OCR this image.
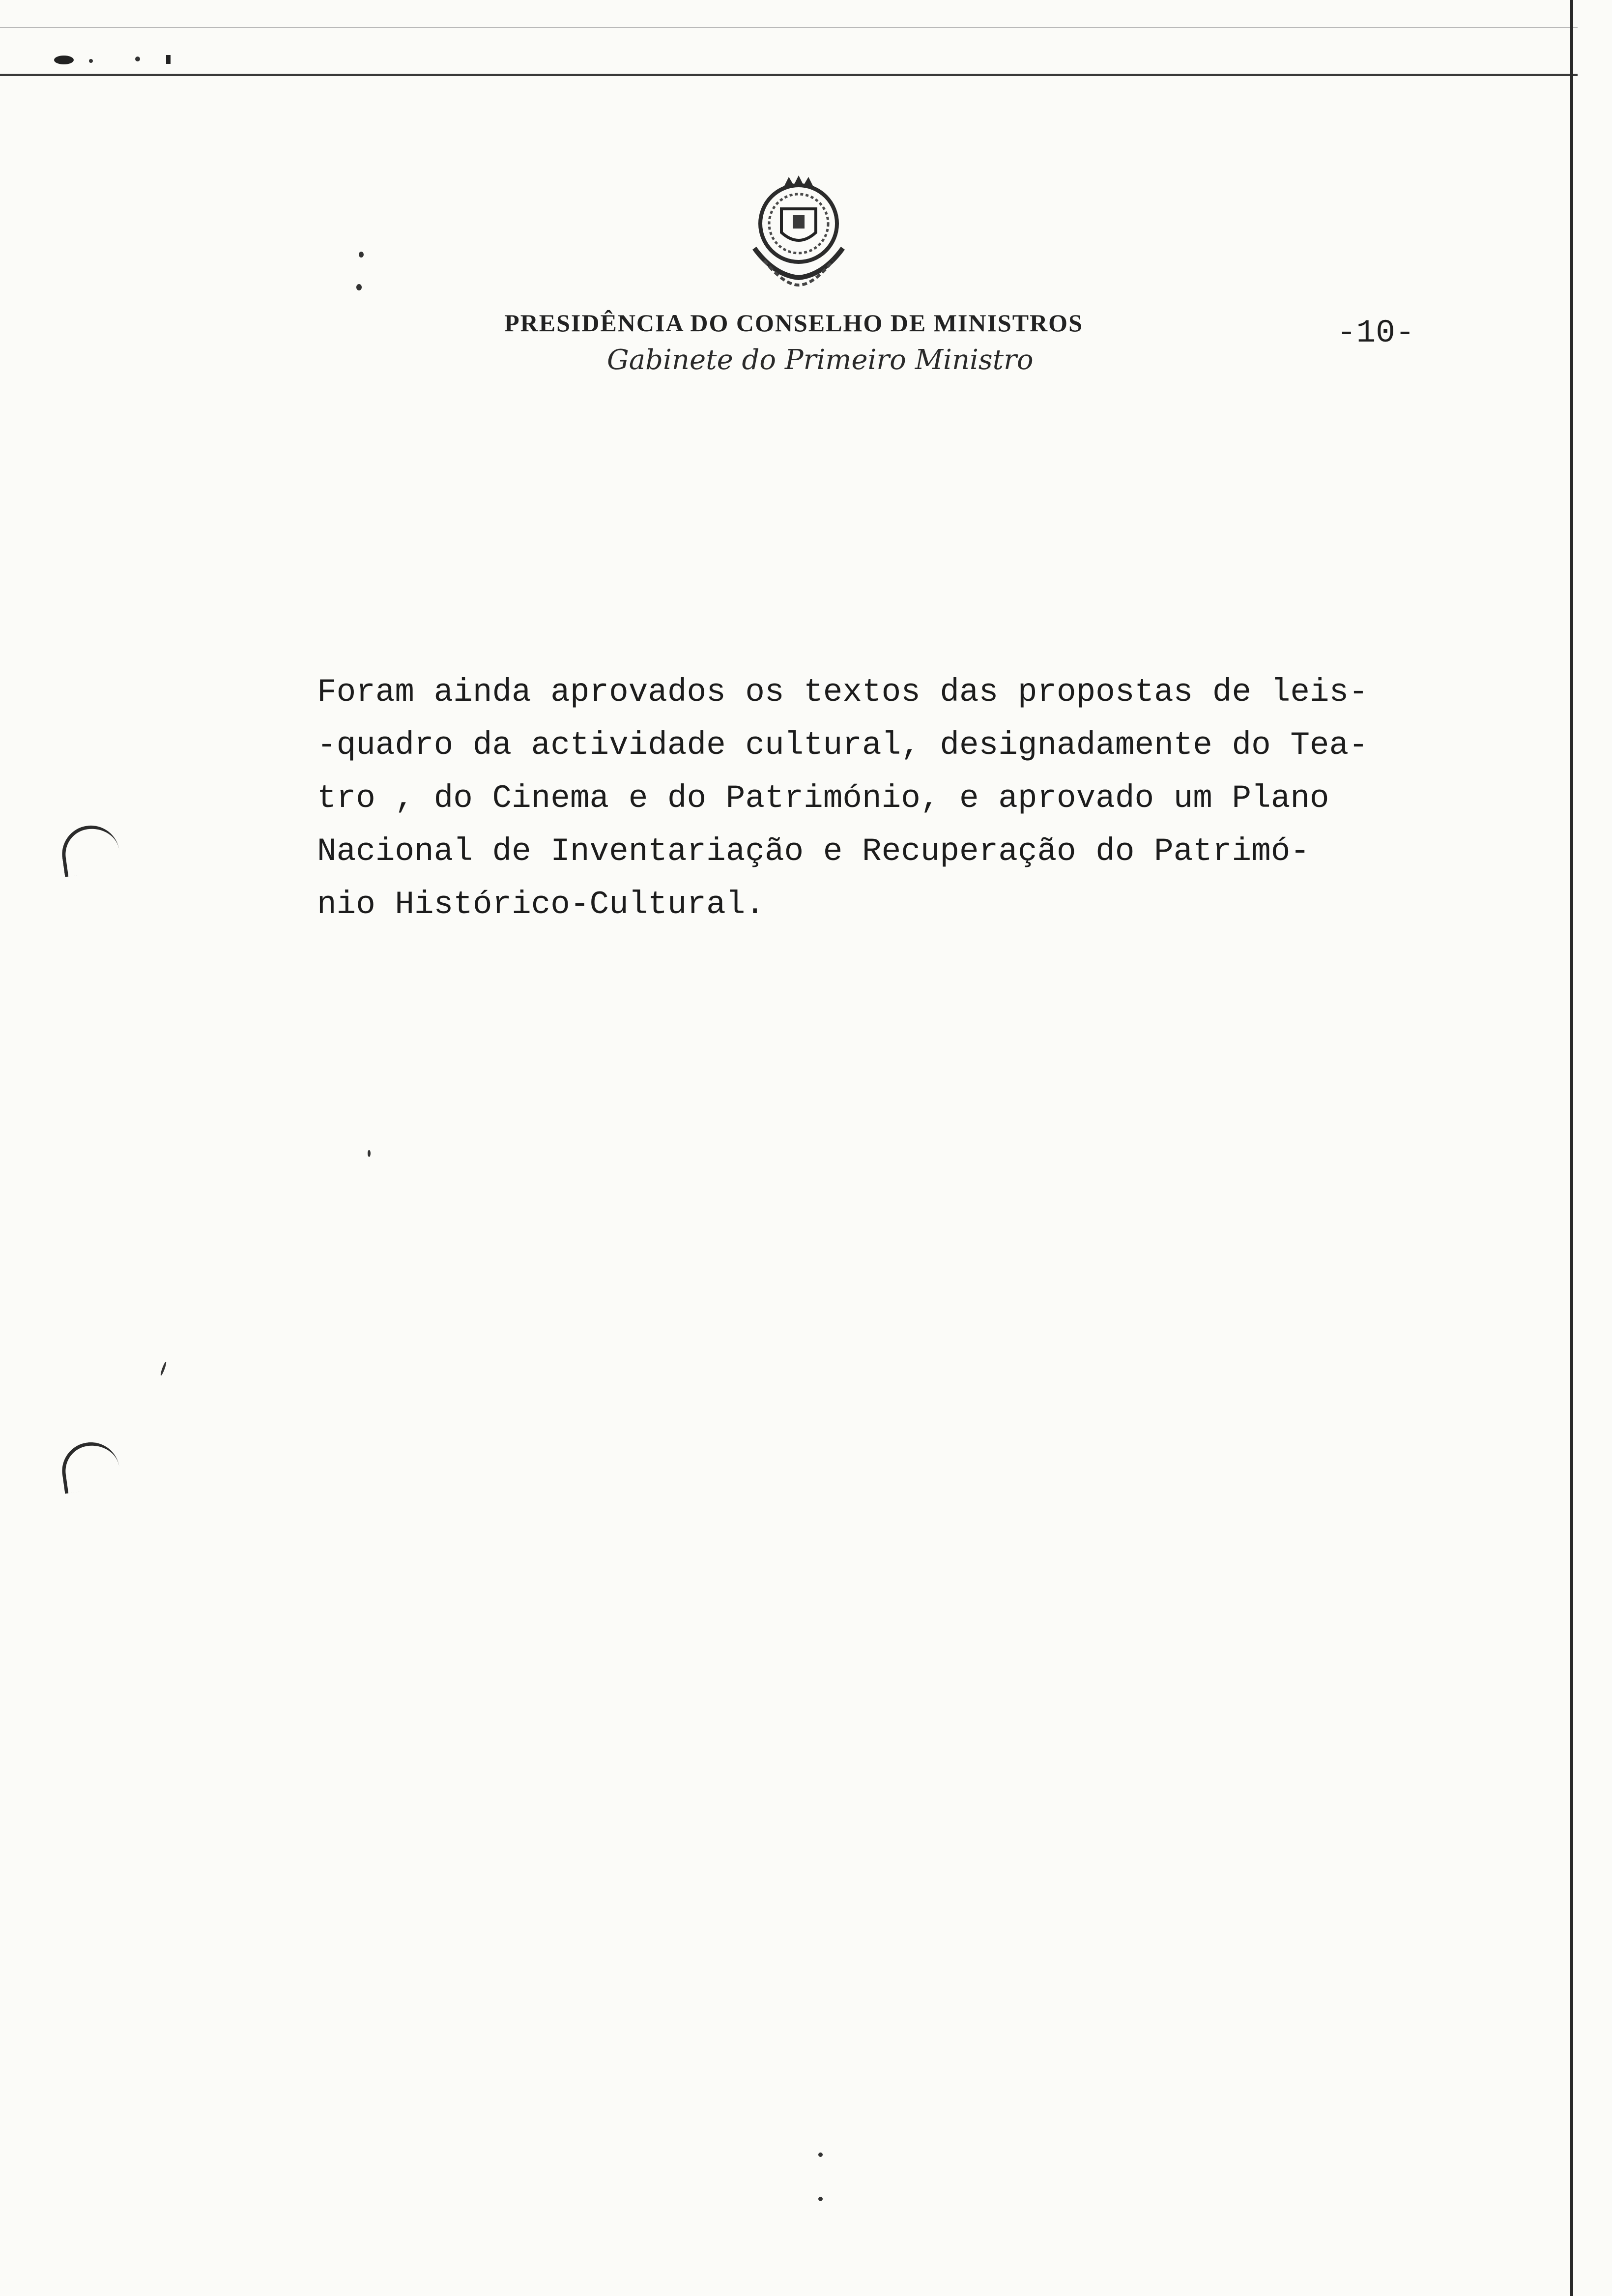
PRESIDÊNCIA DO CONSELHO DE MINISTROS
Gabinete do Primeiro Ministro
-10-
Foram ainda aprovados os textos das propostas de leis-
-quadro da actividade cultural, designadamente do Tea-
tro , do Cinema e do Património, e aprovado um Plano
Nacional de Inventariação e Recuperação do Patrimó-
nio Histórico-Cultural.
